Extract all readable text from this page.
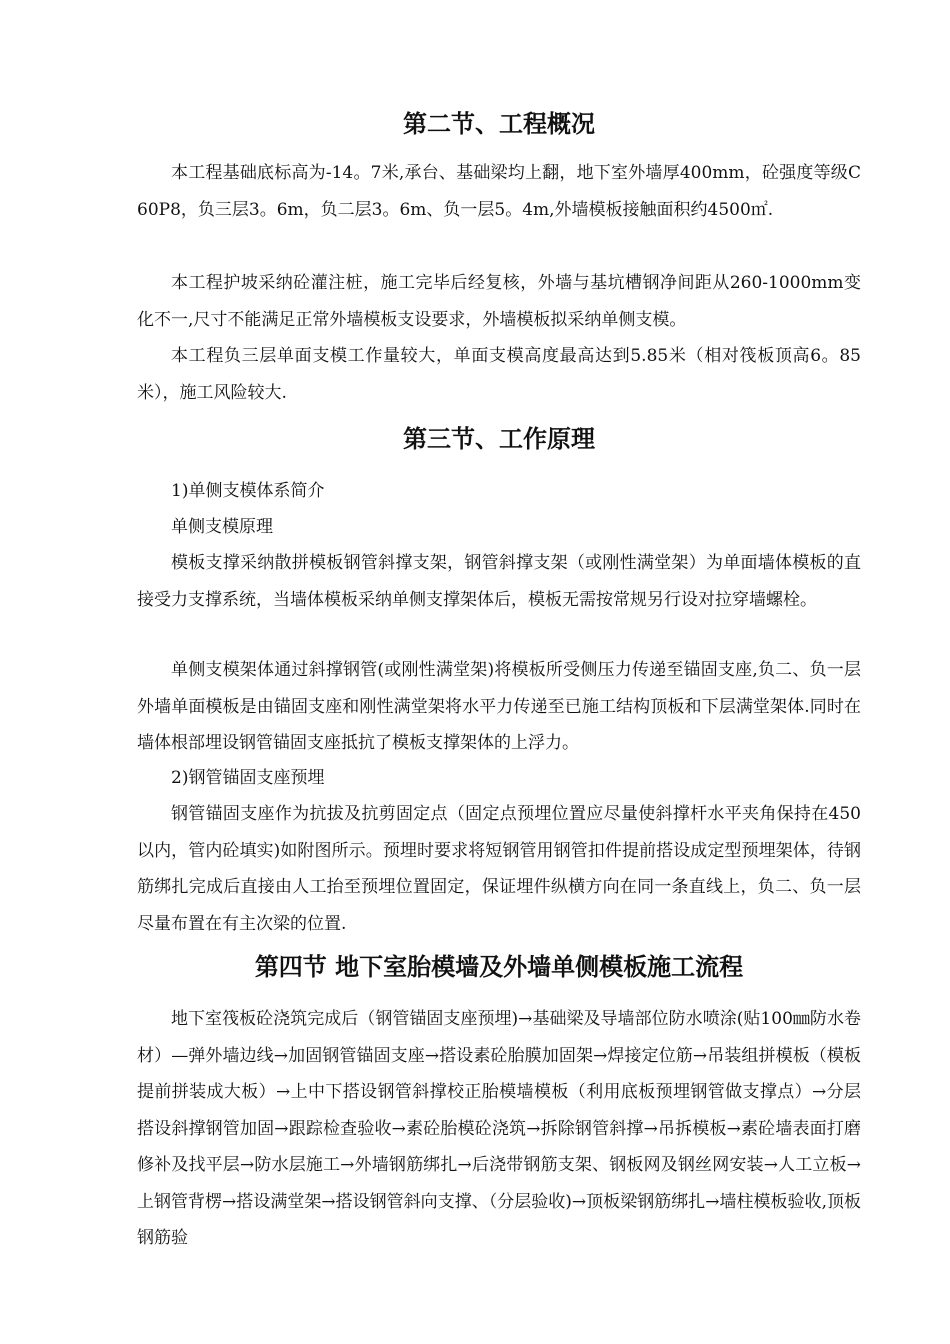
第二节、工程概况

本工程基础底标高为-14。7米,承台、基础梁均上翻，地下室外墙厚400mm，砼强度等级C60P8，负三层3。6m，负二层3。6m、负一层5。4m,外墙模板接触面积约4500㎡.

本工程护坡采纳砼灌注桩，施工完毕后经复核，外墙与基坑槽钢净间距从260-1000mm变化不一,尺寸不能满足正常外墙模板支设要求，外墙模板拟采纳单侧支模。

本工程负三层单面支模工作量较大，单面支模高度最高达到5.85米（相对筏板顶高6。85米），施工风险较大.

第三节、工作原理

1)单侧支模体系简介

单侧支模原理

模板支撑采纳散拼模板钢管斜撑支架，钢管斜撑支架（或刚性满堂架）为单面墙体模板的直接受力支撑系统，当墙体模板采纳单侧支撑架体后，模板无需按常规另行设对拉穿墙螺栓。

单侧支模架体通过斜撑钢管(或刚性满堂架)将模板所受侧压力传递至锚固支座,负二、负一层外墙单面模板是由锚固支座和刚性满堂架将水平力传递至已施工结构顶板和下层满堂架体.同时在墙体根部埋设钢管锚固支座抵抗了模板支撑架体的上浮力。

2)钢管锚固支座预埋

钢管锚固支座作为抗拔及抗剪固定点（固定点预埋位置应尽量使斜撑杆水平夹角保持在450以内，管内砼填实)如附图所示。预埋时要求将短钢管用钢管扣件提前搭设成定型预埋架体，待钢筋绑扎完成后直接由人工抬至预埋位置固定，保证埋件纵横方向在同一条直线上，负二、负一层尽量布置在有主次梁的位置.

第四节 地下室胎模墙及外墙单侧模板施工流程

地下室筏板砼浇筑完成后（钢管锚固支座预埋)→基础梁及导墙部位防水喷涂(贴100㎜防水卷材）—弹外墙边线→加固钢管锚固支座→搭设素砼胎膜加固架→焊接定位筋→吊装组拼模板（模板提前拼装成大板）→上中下搭设钢管斜撑校正胎模墙模板（利用底板预埋钢管做支撑点）→分层搭设斜撑钢管加固→跟踪检查验收→素砼胎模砼浇筑→拆除钢管斜撑→吊拆模板→素砼墙表面打磨修补及找平层→防水层施工→外墙钢筋绑扎→后浇带钢筋支架、钢板网及钢丝网安装→人工立板→上钢管背楞→搭设满堂架→搭设钢管斜向支撑、（分层验收)→顶板梁钢筋绑扎→墙柱模板验收,顶板钢筋验
